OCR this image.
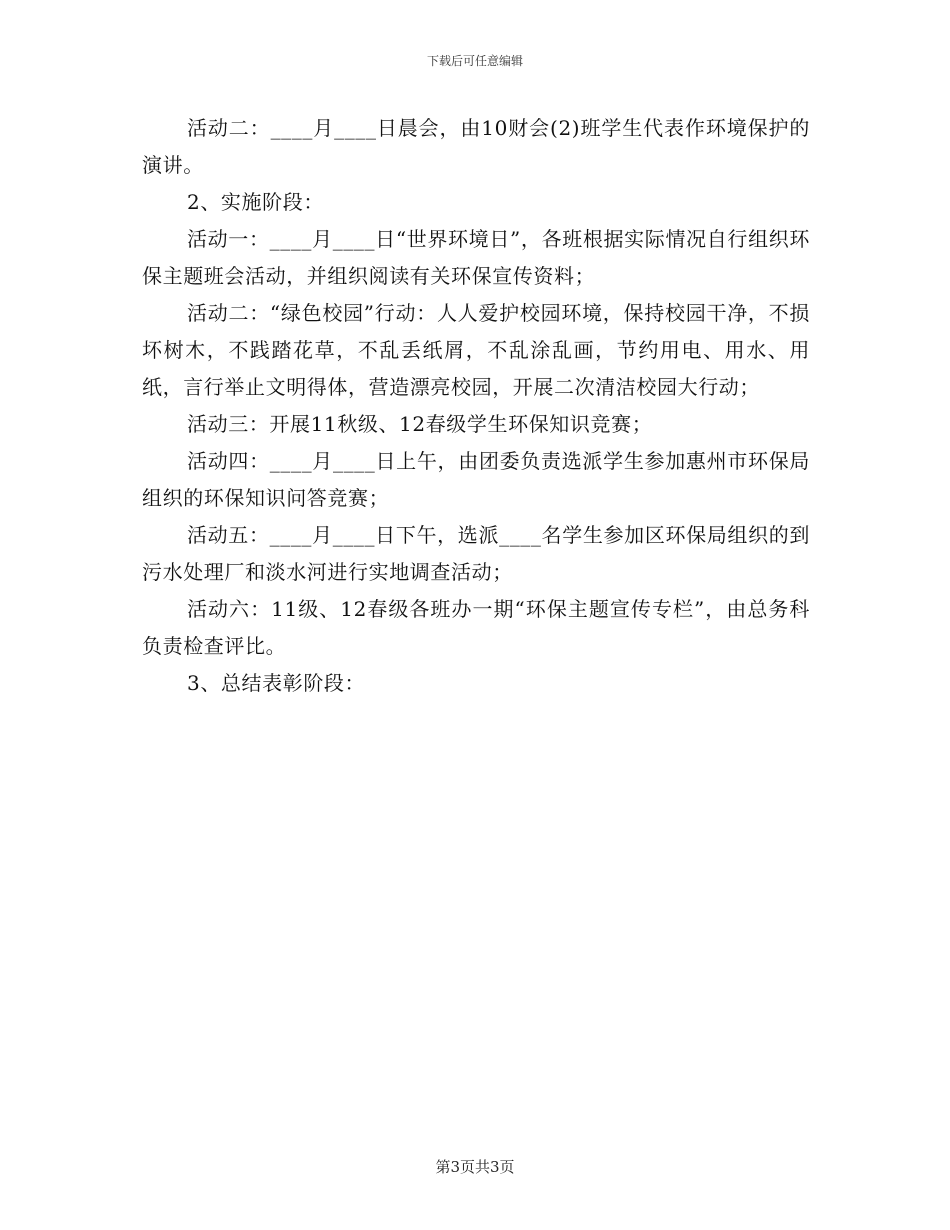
下载后可任意编辑

活动二：____月____日晨会，由10财会(2)班学生代表作环境保护的演讲。

2、实施阶段：

活动一：____月____日“世界环境日”，各班根据实际情况自行组织环保主题班会活动，并组织阅读有关环保宣传资料；

活动二：“绿色校园”行动：人人爱护校园环境，保持校园干净，不损坏树木，不践踏花草，不乱丢纸屑，不乱涂乱画，节约用电、用水、用纸，言行举止文明得体，营造漂亮校园，开展二次清洁校园大行动；

活动三：开展11秋级、12春级学生环保知识竞赛；

活动四：____月____日上午，由团委负责选派学生参加惠州市环保局组织的环保知识问答竞赛；

活动五：____月____日下午，选派____名学生参加区环保局组织的到污水处理厂和淡水河进行实地调查活动；

活动六：11级、12春级各班办一期“环保主题宣传专栏”，由总务科负责检查评比。

3、总结表彰阶段：

第3页共3页
